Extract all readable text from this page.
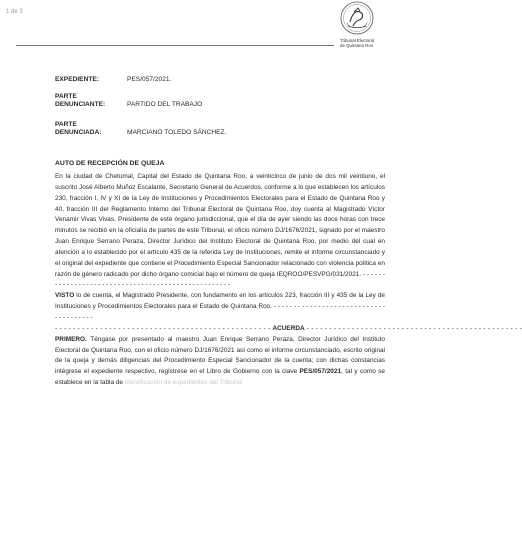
1 de 3
Tribunal Electoral
de Quintana Roo
EXPEDIENTE:	PES/057/2021.
PARTE
DENUNCIANTE:	PARTIDO DEL TRABAJO
PARTE
DENUNCIADA:	MARCIANO TOLEDO SÁNCHEZ.
AUTO DE RECEPCIÓN DE QUEJA

En la ciudad de Chetumal, Capital del Estado de Quintana Roo, a veinticinco de junio de dos mil veintiuno, el suscrito José Alberto Muñoz Escalante, Secretario General de Acuerdos, conforme a lo que establecen los artículos 230, fracción I, IV y XI de la Ley de Instituciones y Procedimientos Electorales para el Estado de Quintana Roo y 40, fracción III del Reglamento Interno del Tribunal Electoral de Quintana Roo, doy cuenta al Magistrado Víctor Venamir Vivas Vivas, Presidente de este órgano jurisdiccional, que el día de ayer siendo las doce horas con trece minutos se recibió en la oficialía de partes de este Tribunal, el oficio número DJ/1676/2021, signado por el maestro Juan Enrique Serrano Peraza, Director Jurídico del Instituto Electoral de Quintana Roo, por medio del cual en atención a lo establecido por el artículo 435 de la referida Ley de Instituciones, remite el informe circunstanciado y el original del expediente que contiene el Procedimiento Especial Sancionador relacionado con violencia política en razón de género radicado por dicho órgano comicial bajo el número de queja IEQROO/PESVPG/031/2021. - - - - - - - - - - - - - - - - - - - - - - - - - - - - - - - - - - - - - - - - - - - - - - - - - - -

VISTO lo de cuenta, el Magistrado Presidente, con fundamento en los artículos 223, fracción III y 435 de la Ley de Instituciones y Procedimientos Electorales para el Estado de Quintana Roo. - - - - - - - - - - - - - - - - - - - - - - - - - - - - - - - - - - - - - -

- - - - - - - - - - - - - - - - - - - - - - - - - - - - - - - - - - - - - - - - - - - - - - - - ACUERDA - - - - - - - - - - - - - - - - - - - - - - - - - - - - - - - - - - - - - - - - - - - - - - - -

PRIMERO. Téngase por presentado al maestro Juan Enrique Serrano Peraza, Director Jurídico del Instituto Electoral de Quintana Roo, con el oficio número DJ/1676/2021 así como el informe circunstanciado, escrito original de la queja y demás diligencias del Procedimiento Especial Sancionador de la cuenta; con dichas constancias intégrese el expediente respectivo, regístrese en el Libro de Gobierno con la clave PES/057/2021, tal y como se establece en la tabla de identificación de expedientes del Tribunal
